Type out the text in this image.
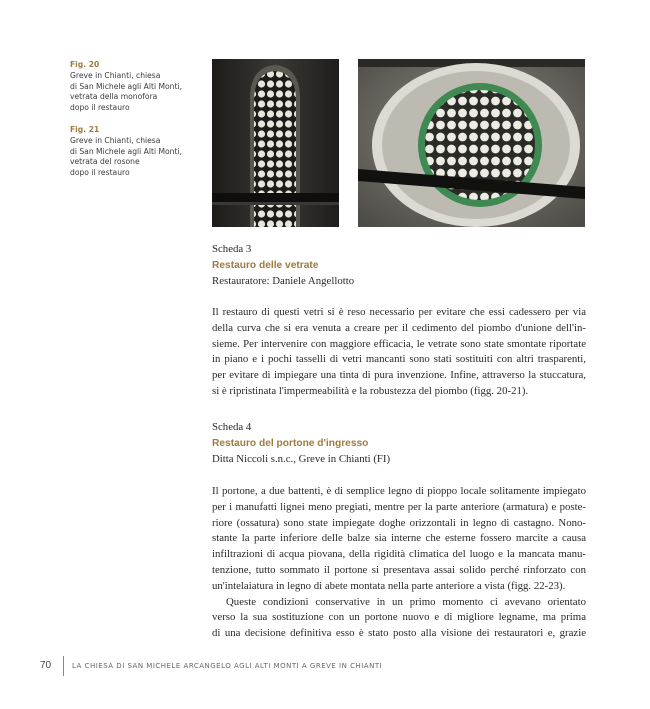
Fig. 20
Greve in Chianti, chiesa
di San Michele agli Alti Monti,
vetrata della monofora
dopo il restauro
Fig. 21
Greve in Chianti, chiesa
di San Michele agli Alti Monti,
vetrata del rosone
dopo il restauro
Scheda 3
Restauro delle vetrate
Restauratore: Daniele Angellotto
Il restauro di questi vetri si è reso necessario per evitare che essi cadessero per via
della curva che si era venuta a creare per il cedimento del piombo d'unione dell'in-
sieme. Per intervenire con maggiore efficacia, le vetrate sono state smontate riportate
in piano e i pochi tasselli di vetri mancanti sono stati sostituiti con altri trasparenti,
per evitare di impiegare una tinta di pura invenzione. Infine, attraverso la stuccatura,
si è ripristinata l'impermeabilità e la robustezza del piombo (figg. 20-21).
Scheda 4
Restauro del portone d'ingresso
Ditta Niccoli s.n.c., Greve in Chianti (FI)
Il portone, a due battenti, è di semplice legno di pioppo locale solitamente impiegato
per i manufatti lignei meno pregiati, mentre per la parte anteriore (armatura) e poste-
riore (ossatura) sono state impiegate doghe orizzontali in legno di castagno. Nono-
stante la parte inferiore delle balze sia interne che esterne fossero marcite a causa
infiltrazioni di acqua piovana, della rigidità climatica del luogo e la mancata manu-
tenzione, tutto sommato il portone si presentava assai solido perché rinforzato con
un'intelaiatura in legno di abete montata nella parte anteriore a vista (figg. 22-23).
Queste condizioni conservative in un primo momento ci avevano orientato
verso la sua sostituzione con un portone nuovo e di migliore legname, ma prima
di una decisione definitiva esso è stato posto alla visione dei restauratori e, grazie
70	LA CHIESA DI SAN MICHELE ARCANGELO AGLI ALTI MONTI A GREVE IN CHIANTI
